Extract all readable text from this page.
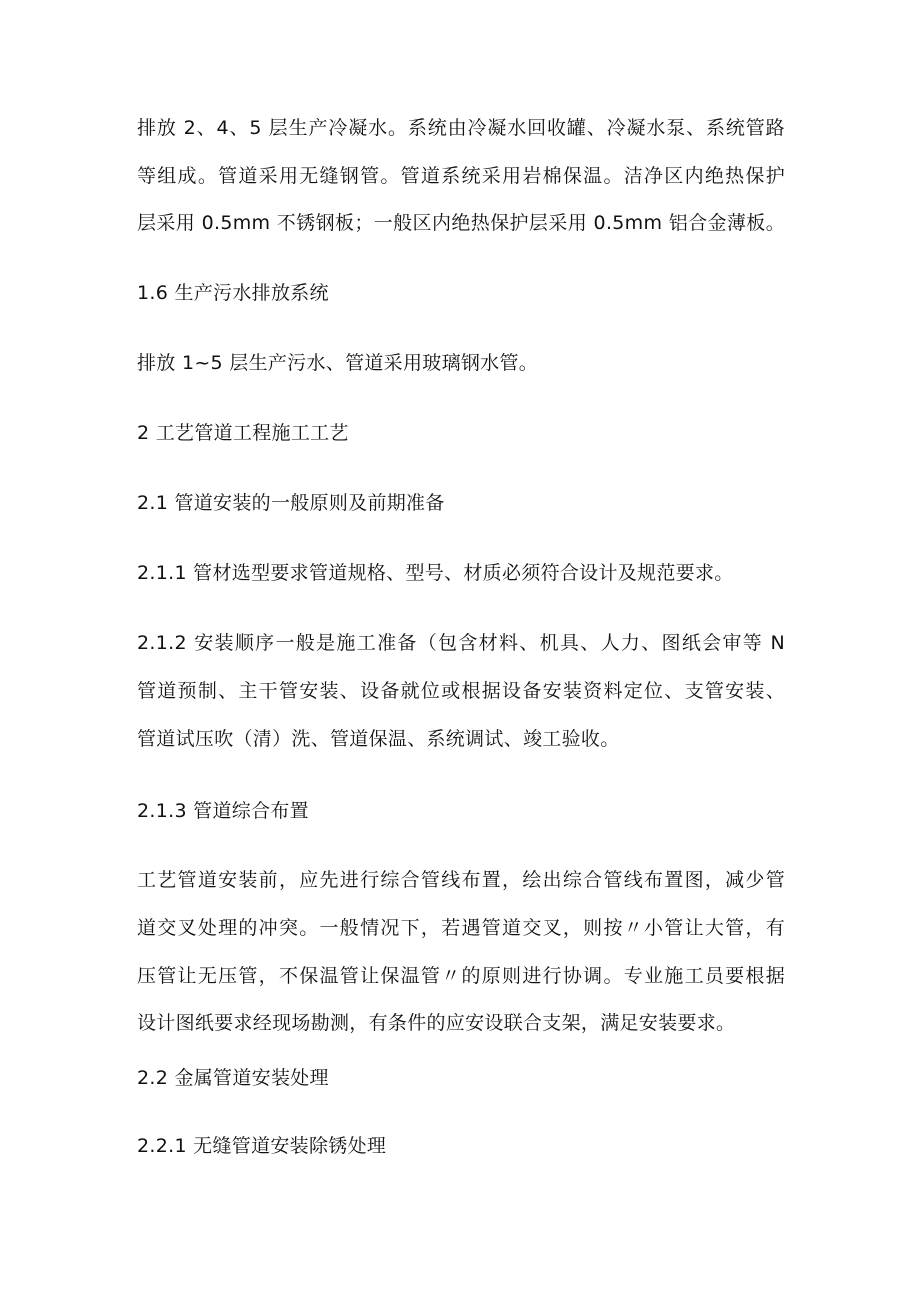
排放 2、4、5 层生产冷凝水。系统由冷凝水回收罐、冷凝水泵、系统管路
等组成。管道采用无缝钢管。管道系统采用岩棉保温。洁净区内绝热保护
层采用 0.5mm 不锈钢板；一般区内绝热保护层采用 0.5mm 铝合金薄板。
1.6 生产污水排放系统
排放 1~5 层生产污水、管道采用玻璃钢水管。
2 工艺管道工程施工工艺
2.1 管道安装的一般原则及前期准备
2.1.1 管材选型要求管道规格、型号、材质必须符合设计及规范要求。
2.1.2 安装顺序一般是施工准备（包含材料、机具、人力、图纸会审等 N
管道预制、主干管安装、设备就位或根据设备安装资料定位、支管安装、
管道试压吹（清）洗、管道保温、系统调试、竣工验收。
2.1.3 管道综合布置
工艺管道安装前，应先进行综合管线布置，绘出综合管线布置图，减少管
道交叉处理的冲突。一般情况下，若遇管道交叉，则按〃小管让大管，有
压管让无压管，不保温管让保温管〃的原则进行协调。专业施工员要根据
设计图纸要求经现场勘测，有条件的应安设联合支架，满足安装要求。
2.2 金属管道安装处理
2.2.1 无缝管道安装除锈处理
